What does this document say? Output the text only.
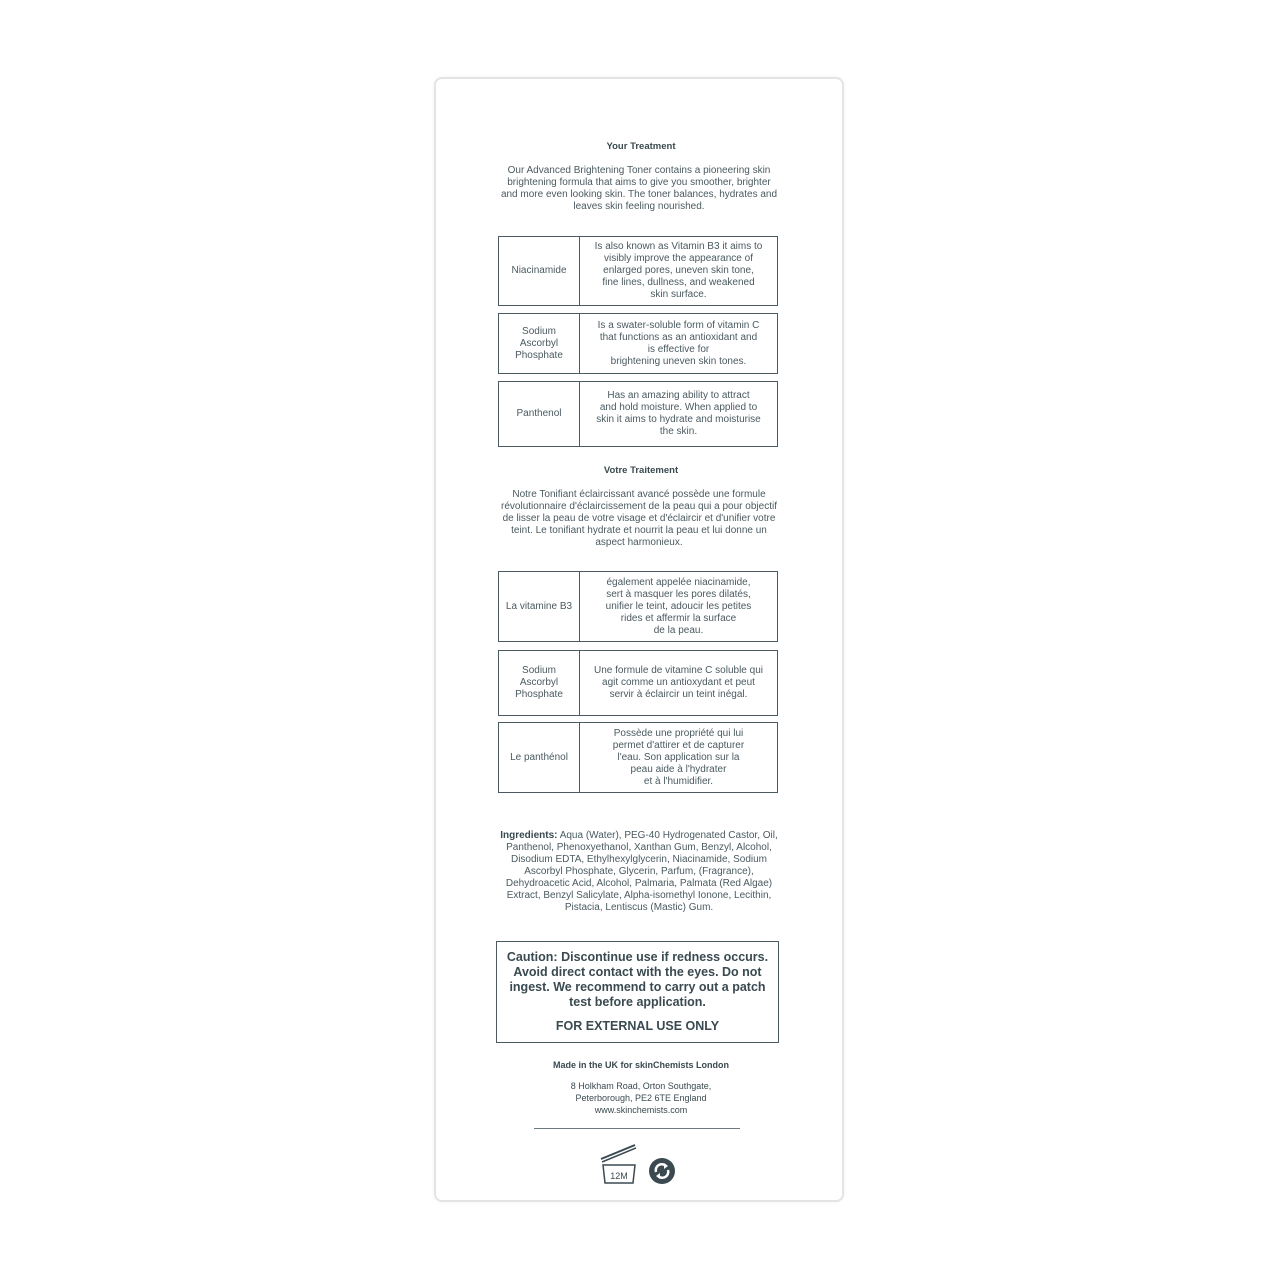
Your Treatment
Our Advanced Brightening Toner contains a pioneering skin brightening formula that aims to give you smoother, brighter and more even looking skin. The toner balances, hydrates and leaves skin feeling nourished.
Niacinamide
Is also known as Vitamin B3 it aims to
visibly improve the appearance of
enlarged pores, uneven skin tone,
fine lines, dullness, and weakened
skin surface.
Sodium Ascorbyl Phosphate
Is a swater-soluble form of vitamin C
that functions as an antioxidant and
is effective for
brightening uneven skin tones.
Panthenol
Has an amazing ability to attract
and hold moisture. When applied to
skin it aims to hydrate and moisturise
the skin.
Votre Traitement
Notre Tonifiant éclaircissant avancé possède une formule révolutionnaire d'éclaircissement de la peau qui a pour objectif de lisser la peau de votre visage et d'éclaircir et d'unifier votre teint. Le tonifiant hydrate et nourrit la peau et lui donne un aspect harmonieux.
La vitamine B3
également appelée niacinamide,
sert à masquer les pores dilatés,
unifier le teint, adoucir les petites
rides et affermir la surface
de la peau.
Sodium Ascorbyl Phosphate
Une formule de vitamine C soluble qui
agit comme un antioxydant et peut
servir à éclaircir un teint inégal.
Le panthénol
Possède une propriété qui lui
permet d'attirer et de capturer
l'eau. Son application sur la
peau aide à l'hydrater
et à l'humidifier.
Ingredients: Aqua (Water), PEG-40 Hydrogenated Castor, Oil, Panthenol, Phenoxyethanol, Xanthan Gum, Benzyl, Alcohol, Disodium EDTA, Ethylhexylglycerin, Niacinamide, Sodium Ascorbyl Phosphate, Glycerin, Parfum, (Fragrance), Dehydroacetic Acid, Alcohol, Palmaria, Palmata (Red Algae) Extract, Benzyl Salicylate, Alpha-isomethyl Ionone, Lecithin, Pistacia, Lentiscus (Mastic) Gum.
Caution: Discontinue use if redness occurs. Avoid direct contact with the eyes. Do not ingest. We recommend to carry out a patch test before application.
FOR EXTERNAL USE ONLY
Made in the UK for skinChemists London
8 Holkham Road, Orton Southgate,
Peterborough, PE2 6TE England
www.skinchemists.com
12M
